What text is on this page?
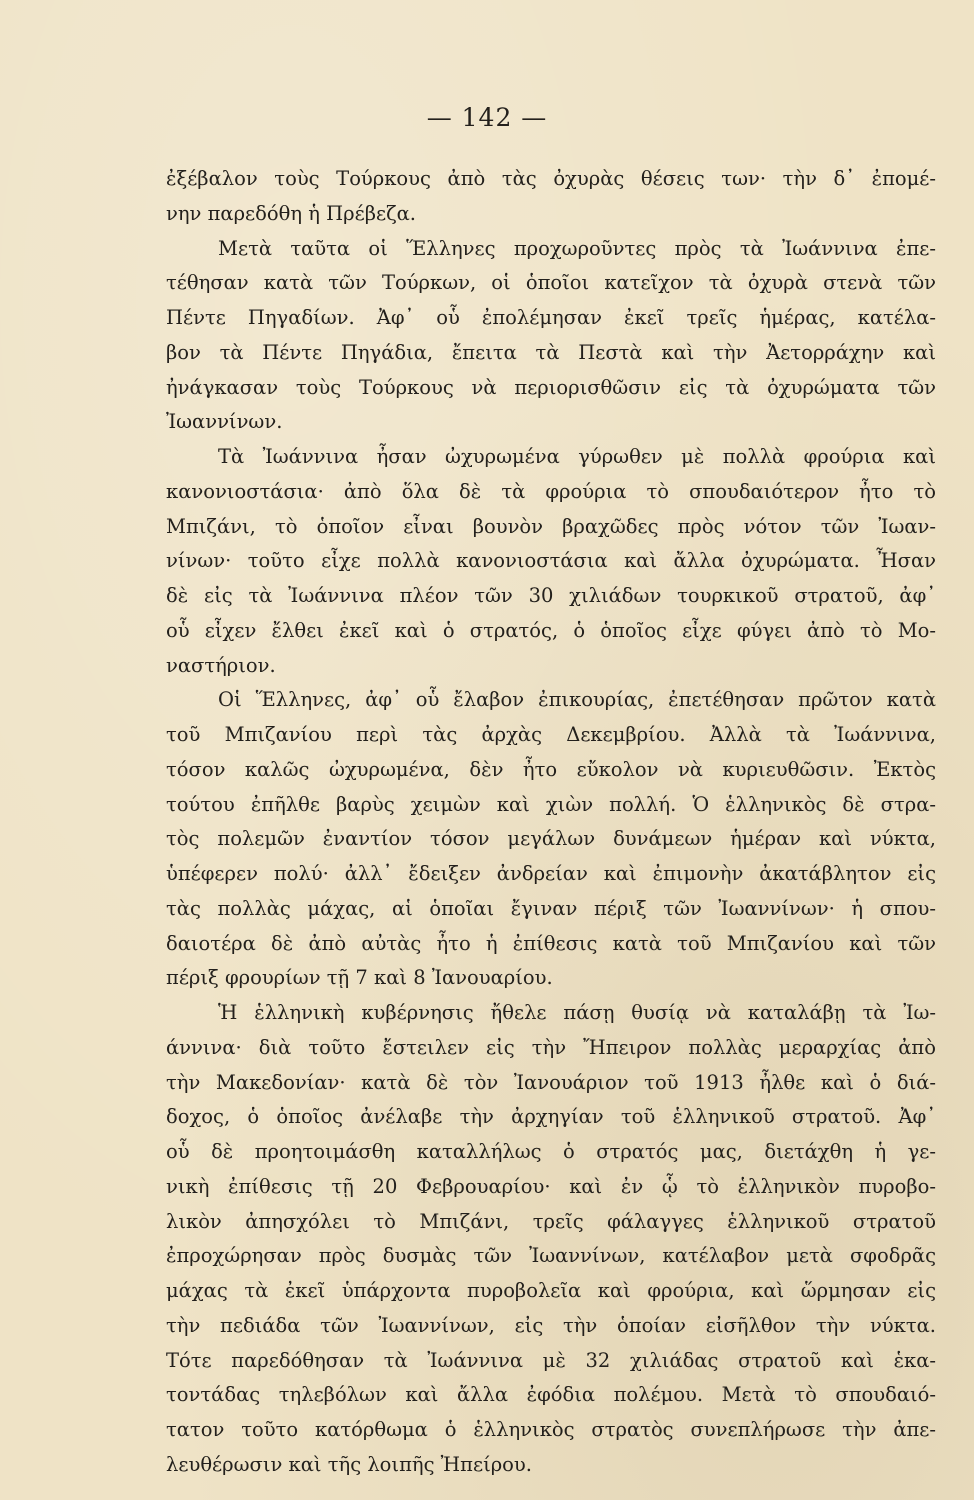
— 142 —
ἐξέβαλον τοὺς Τούρκους ἀπὸ τὰς ὀχυρὰς θέσεις των· τὴν δ᾽ ἐπομέ-
νην παρεδόθη ἡ Πρέβεζα.
Μετὰ ταῦτα οἱ Ἕλληνες προχωροῦντες πρὸς τὰ Ἰωάννινα ἐπε-
τέθησαν κατὰ τῶν Τούρκων, οἱ ὁποῖοι κατεῖχον τὰ ὀχυρὰ στενὰ τῶν
Πέντε Πηγαδίων. Ἀφ᾽ οὗ ἐπολέμησαν ἐκεῖ τρεῖς ἡμέρας, κατέλα-
βον τὰ Πέντε Πηγάδια, ἔπειτα τὰ Πεστὰ καὶ τὴν Ἀετορράχην καὶ
ἠνάγκασαν τοὺς Τούρκους νὰ περιορισθῶσιν εἰς τὰ ὀχυρώματα τῶν
Ἰωαννίνων.
Τὰ Ἰωάννινα ἦσαν ὠχυρωμένα γύρωθεν μὲ πολλὰ φρούρια καὶ
κανονιοστάσια· ἀπὸ ὅλα δὲ τὰ φρούρια τὸ σπουδαιότερον ἦτο τὸ
Μπιζάνι, τὸ ὁποῖον εἶναι βουνὸν βραχῶδες πρὸς νότον τῶν Ἰωαν-
νίνων· τοῦτο εἶχε πολλὰ κανονιοστάσια καὶ ἄλλα ὀχυρώματα. Ἦσαν
δὲ εἰς τὰ Ἰωάννινα πλέον τῶν 30 χιλιάδων τουρκικοῦ στρατοῦ, ἀφ᾽
οὗ εἶχεν ἔλθει ἐκεῖ καὶ ὁ στρατός, ὁ ὁποῖος εἶχε φύγει ἀπὸ τὸ Μο-
ναστήριον.
Οἱ Ἕλληνες, ἀφ᾽ οὗ ἔλαβον ἐπικουρίας, ἐπετέθησαν πρῶτον κατὰ
τοῦ Μπιζανίου περὶ τὰς ἀρχὰς Δεκεμβρίου. Ἀλλὰ τὰ Ἰωάννινα,
τόσον καλῶς ὠχυρωμένα, δὲν ἦτο εὔκολον νὰ κυριευθῶσιν. Ἐκτὸς
τούτου ἐπῆλθε βαρὺς χειμὼν καὶ χιὼν πολλή. Ὁ ἑλληνικὸς δὲ στρα-
τὸς πολεμῶν ἐναντίον τόσον μεγάλων δυνάμεων ἡμέραν καὶ νύκτα,
ὑπέφερεν πολύ· ἀλλ᾽ ἔδειξεν ἀνδρείαν καὶ ἐπιμονὴν ἀκατάβλητον εἰς
τὰς πολλὰς μάχας, αἱ ὁποῖαι ἔγιναν πέριξ τῶν Ἰωαννίνων· ἡ σπου-
δαιοτέρα δὲ ἀπὸ αὐτὰς ἦτο ἡ ἐπίθεσις κατὰ τοῦ Μπιζανίου καὶ τῶν
πέριξ φρουρίων τῇ 7 καὶ 8 Ἰανουαρίου.
Ἡ ἑλληνικὴ κυβέρνησις ἤθελε πάσῃ θυσίᾳ νὰ καταλάβῃ τὰ Ἰω-
άννινα· διὰ τοῦτο ἔστειλεν εἰς τὴν Ἤπειρον πολλὰς μεραρχίας ἀπὸ
τὴν Μακεδονίαν· κατὰ δὲ τὸν Ἰανουάριον τοῦ 1913 ἦλθε καὶ ὁ διά-
δοχος, ὁ ὁποῖος ἀνέλαβε τὴν ἀρχηγίαν τοῦ ἑλληνικοῦ στρατοῦ. Ἀφ᾽
οὗ δὲ προητοιμάσθη καταλλήλως ὁ στρατός μας, διετάχθη ἡ γε-
νικὴ ἐπίθεσις τῇ 20 Φεβρουαρίου· καὶ ἐν ᾧ τὸ ἑλληνικὸν πυροβο-
λικὸν ἀπησχόλει τὸ Μπιζάνι, τρεῖς φάλαγγες ἑλληνικοῦ στρατοῦ
ἐπροχώρησαν πρὸς δυσμὰς τῶν Ἰωαννίνων, κατέλαβον μετὰ σφοδρᾶς
μάχας τὰ ἐκεῖ ὑπάρχοντα πυροβολεῖα καὶ φρούρια, καὶ ὥρμησαν εἰς
τὴν πεδιάδα τῶν Ἰωαννίνων, εἰς τὴν ὁποίαν εἰσῆλθον τὴν νύκτα.
Τότε παρεδόθησαν τὰ Ἰωάννινα μὲ 32 χιλιάδας στρατοῦ καὶ ἑκα-
τοντάδας τηλεβόλων καὶ ἄλλα ἐφόδια πολέμου. Μετὰ τὸ σπουδαιό-
τατον τοῦτο κατόρθωμα ὁ ἑλληνικὸς στρατὸς συνεπλήρωσε τὴν ἀπε-
λευθέρωσιν καὶ τῆς λοιπῆς Ἠπείρου.
